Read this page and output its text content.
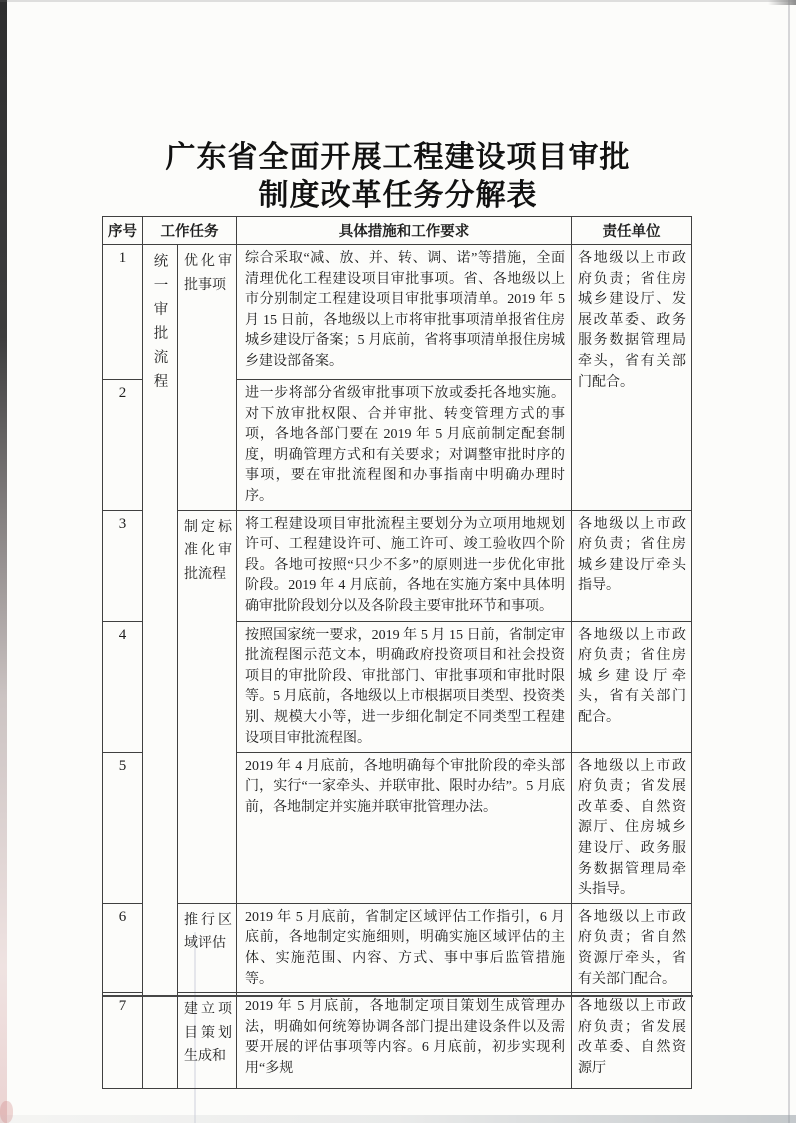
广东省全面开展工程建设项目审批
制度改革任务分解表
序号	工作任务		具体措施和工作要求	责任单位
1	统一审批流程	优化审批事项	综合采取“减、放、并、转、调、诺”等措施，全面清理优化工程建设项目审批事项。省、各地级以上市分别制定工程建设项目审批事项清单。2019 年 5 月 15 日前，各地级以上市将审批事项清单报省住房城乡建设厅备案；5 月底前，省将事项清单报住房城乡建设部备案。	各地级以上市政府负责；省住房城乡建设厅、发展改革委、政务服务数据管理局牵头，省有关部门配合。
2			进一步将部分省级审批事项下放或委托各地实施。对下放审批权限、合并审批、转变管理方式的事项，各地各部门要在 2019 年 5 月底前制定配套制度，明确管理方式和有关要求；对调整审批时序的事项，要在审批流程图和办事指南中明确办理时序。	
3		制定标准化审批流程	将工程建设项目审批流程主要划分为立项用地规划许可、工程建设许可、施工许可、竣工验收四个阶段。各地可按照“只少不多”的原则进一步优化审批阶段。2019 年 4 月底前，各地在实施方案中具体明确审批阶段划分以及各阶段主要审批环节和事项。	各地级以上市政府负责；省住房城乡建设厅牵头指导。
4			按照国家统一要求，2019 年 5 月 15 日前，省制定审批流程图示范文本，明确政府投资项目和社会投资项目的审批阶段、审批部门、审批事项和审批时限等。5 月底前，各地级以上市根据项目类型、投资类别、规模大小等，进一步细化制定不同类型工程建设项目审批流程图。	各地级以上市政府负责；省住房城乡建设厅牵头，省有关部门配合。
5			2019 年 4 月底前，各地明确每个审批阶段的牵头部门，实行“一家牵头、并联审批、限时办结”。5 月底前，各地制定并实施并联审批管理办法。	各地级以上市政府负责；省发展改革委、自然资源厅、住房城乡建设厅、政务服务数据管理局牵头指导。
6		推行区域评估	2019 年 5 月底前，省制定区域评估工作指引，6 月底前，各地制定实施细则，明确实施区域评估的主体、实施范围、内容、方式、事中事后监管措施等。	各地级以上市政府负责；省自然资源厅牵头，省有关部门配合。
7		建立项目策划生成和	2019 年 5 月底前，各地制定项目策划生成管理办法，明确如何统筹协调各部门提出建设条件以及需要开展的评估事项等内容。6 月底前，初步实现利用“多规	各地级以上市政府负责；省发展改革委、自然资源厅
